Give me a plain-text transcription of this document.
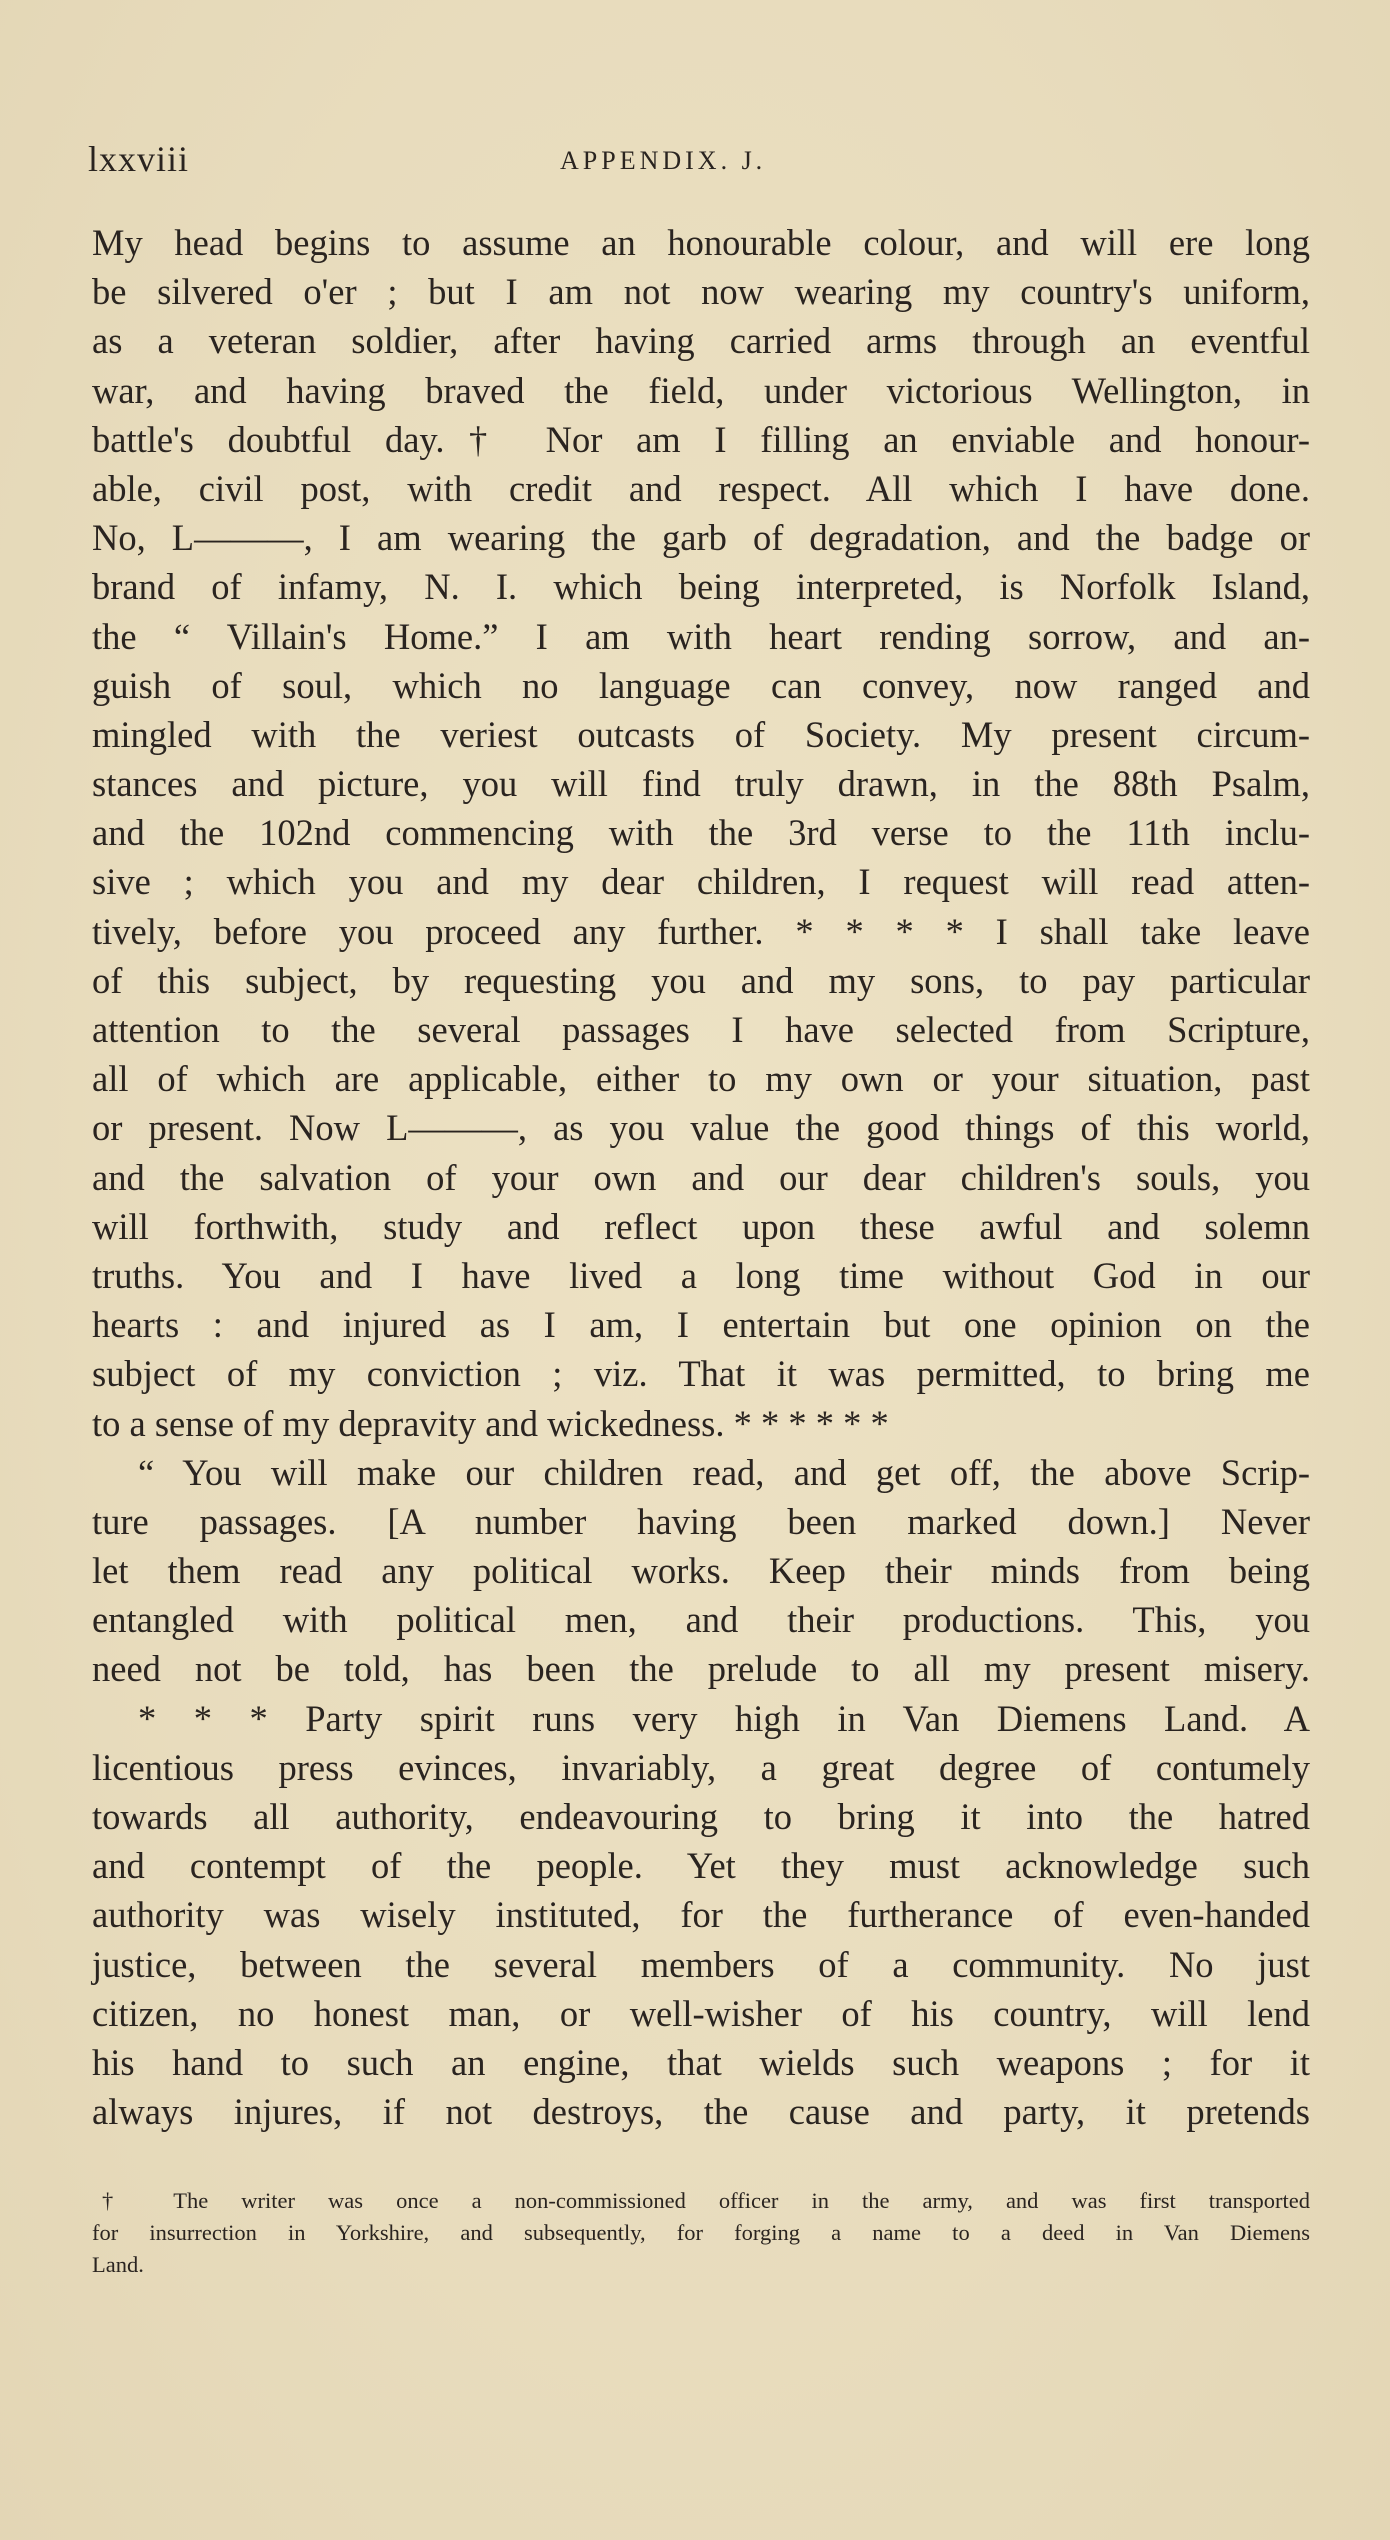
lxxviii	APPENDIX. J.
My head begins to assume an honourable colour, and will ere long
be silvered o'er ; but I am not now wearing my country's uniform,
as a veteran soldier, after having carried arms through an eventful
war, and having braved the field, under victorious Wellington, in
battle's doubtful day.† Nor am I filling an enviable and honour-
able, civil post, with credit and respect. All which I have done.
No, L———, I am wearing the garb of degradation, and the badge or
brand of infamy, N. I. which being interpreted, is Norfolk Island,
the “ Villain's Home.” I am with heart rending sorrow, and an-
guish of soul, which no language can convey, now ranged and
mingled with the veriest outcasts of Society. My present circum-
stances and picture, you will find truly drawn, in the 88th Psalm,
and the 102nd commencing with the 3rd verse to the 11th inclu-
sive ; which you and my dear children, I request will read atten-
tively, before you proceed any further. * * * * I shall take leave
of this subject, by requesting you and my sons, to pay particular
attention to the several passages I have selected from Scripture,
all of which are applicable, either to my own or your situation, past
or present. Now L———, as you value the good things of this world,
and the salvation of your own and our dear children's souls, you
will forthwith, study and reflect upon these awful and solemn
truths. You and I have lived a long time without God in our
hearts : and injured as I am, I entertain but one opinion on the
subject of my conviction ; viz. That it was permitted, to bring me
to a sense of my depravity and wickedness. * * * * * *
“ You will make our children read, and get off, the above Scrip-
ture passages. [A number having been marked down.] Never
let them read any political works. Keep their minds from being
entangled with political men, and their productions. This, you
need not be told, has been the prelude to all my present misery.
* * * Party spirit runs very high in Van Diemens Land. A
licentious press evinces, invariably, a great degree of contumely
towards all authority, endeavouring to bring it into the hatred
and contempt of the people. Yet they must acknowledge such
authority was wisely instituted, for the furtherance of even-handed
justice, between the several members of a community. No just
citizen, no honest man, or well-wisher of his country, will lend
his hand to such an engine, that wields such weapons ; for it
always injures, if not destroys, the cause and party, it pretends
† The writer was once a non-commissioned officer in the army, and was first transported
for insurrection in Yorkshire, and subsequently, for forging a name to a deed in Van Diemens
Land.
